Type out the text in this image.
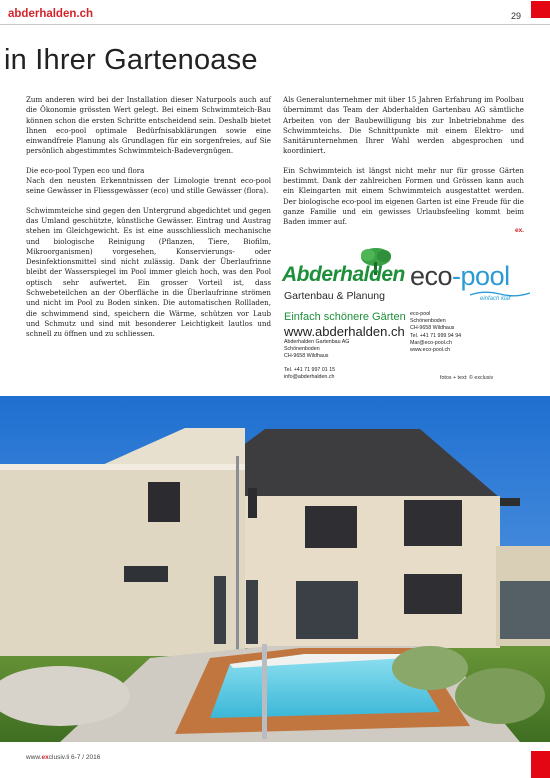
abderhalden.ch	29
in Ihrer Gartenoase

Zum anderen wird bei der Installation dieser Naturpools auch auf die Ökonomie grössten Wert gelegt. Bei einem Schwimmteich-Bau können schon die ersten Schritte entscheidend sein. Deshalb bietet Ihnen eco-pool optimale Bedürfnisabklärungen sowie eine einwandfreie Planung als Grundlagen für ein sorgenfreies, auf Sie persönlich abgestimmtes Schwimmteich-Badevergnügen.

Die eco-pool Typen eco und flora
Nach den neusten Erkenntnissen der Limologie trennt eco-pool seine Gewässer in Fliessgewässer (eco) und stille Gewässer (flora).

Schwimmteiche sind gegen den Untergrund abgedichtet und gegen das Umland geschützte, künstliche Gewässer. Eintrag und Austrag stehen im Gleichgewicht. Es ist eine ausschliesslich mechanische und biologische Reinigung (Pflanzen, Tiere, Biofilm, Mikroorganismen) vorgesehen, Konservierungs- oder Desinfektionsmittel sind nicht zulässig. Dank der Überlaufrinne bleibt der Wasserspiegel im Pool immer gleich hoch, was den Pool optisch sehr aufwertet. Ein grosser Vorteil ist, dass Schwebeteilchen an der Oberfläche in die Überlaufrinne strömen und nicht im Pool zu Boden sinken. Die automatischen Rollladen, die schwimmend sind, speichern die Wärme, schützen vor Laub und Schmutz und sind mit besonderer Leichtigkeit lautlos und schnell zu öffnen und zu schliessen.

Als Generalunternehmer mit über 15 Jahren Erfahrung im Poolbau übernimmt das Team der Abderhalden Gartenbau AG sämtliche Arbeiten von der Baubewilligung bis zur Inbetriebnahme des Schwimmteichs. Die Schnittpunkte mit einem Elektro- und Sanitärunternehmen Ihrer Wahl werden abgesprochen und koordiniert.

Ein Schwimmteich ist längst nicht mehr nur für grosse Gärten bestimmt. Dank der zahlreichen Formen und Grössen kann auch ein Kleingarten mit einem Schwimmteich ausgestattet werden. Der biologische eco-pool im eigenen Garten ist eine Freude für die ganze Familie und ein gewisses Urlaubsfeeling kommt beim Baden immer auf.

ex.
Abderhalden
Gartenbau & Planung
Einfach schönere Gärten
www.abderhalden.ch
Abderhalden Gartenbau AG
Schönenboden
CH-9658 Wildhaus
Tel. +41 71 997 01 15
info@abderhalden.ch
eco-pool
einfach klar
eco-pool
Schönenboden
CH-9658 Wildhaus
Tel. +41 71 999 94 94
Mar@eco-pool.ch
www.eco-pool.ch
fotos + text: © exclusiv
www.exclusiv.li 6-7 / 2016
